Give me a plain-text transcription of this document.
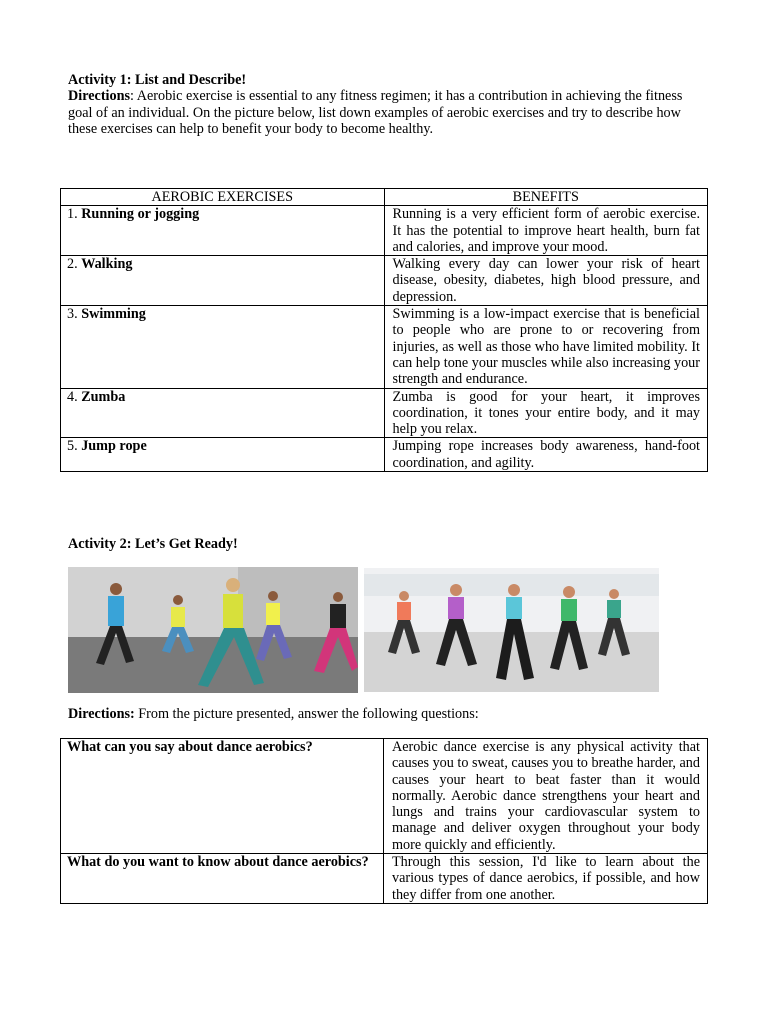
Activity 1: List and Describe!

Directions: Aerobic exercise is essential to any fitness regimen; it has a contribution in achieving the fitness goal of an individual. On the picture below, list down examples of aerobic exercises and try to describe how these exercises can help to benefit your body to become healthy.

AEROBIC EXERCISES	BENEFITS
1. Running or jogging	Running is a very efficient form of aerobic exercise. It has the potential to improve heart health, burn fat and calories, and improve your mood.
2. Walking	Walking every day can lower your risk of heart disease, obesity, diabetes, high blood pressure, and depression.
3. Swimming	Swimming is a low-impact exercise that is beneficial to people who are prone to or recovering from injuries, as well as those who have limited mobility. It can help tone your muscles while also increasing your strength and endurance.
4. Zumba	Zumba is good for your heart, it improves coordination, it tones your entire body, and it may help you relax.
5. Jump rope	Jumping rope increases body awareness, hand-foot coordination, and agility.
Activity 2: Let’s Get Ready!
Directions: From the picture presented, answer the following questions:
What can you say about dance aerobics?	Aerobic dance exercise is any physical activity that causes you to sweat, causes you to breathe harder, and causes your heart to beat faster than it would normally. Aerobic dance strengthens your heart and lungs and trains your cardiovascular system to manage and deliver oxygen throughout your body more quickly and efficiently.
What do you want to know about dance aerobics?	Through this session, I'd like to learn about the various types of dance aerobics, if possible, and how they differ from one another.
